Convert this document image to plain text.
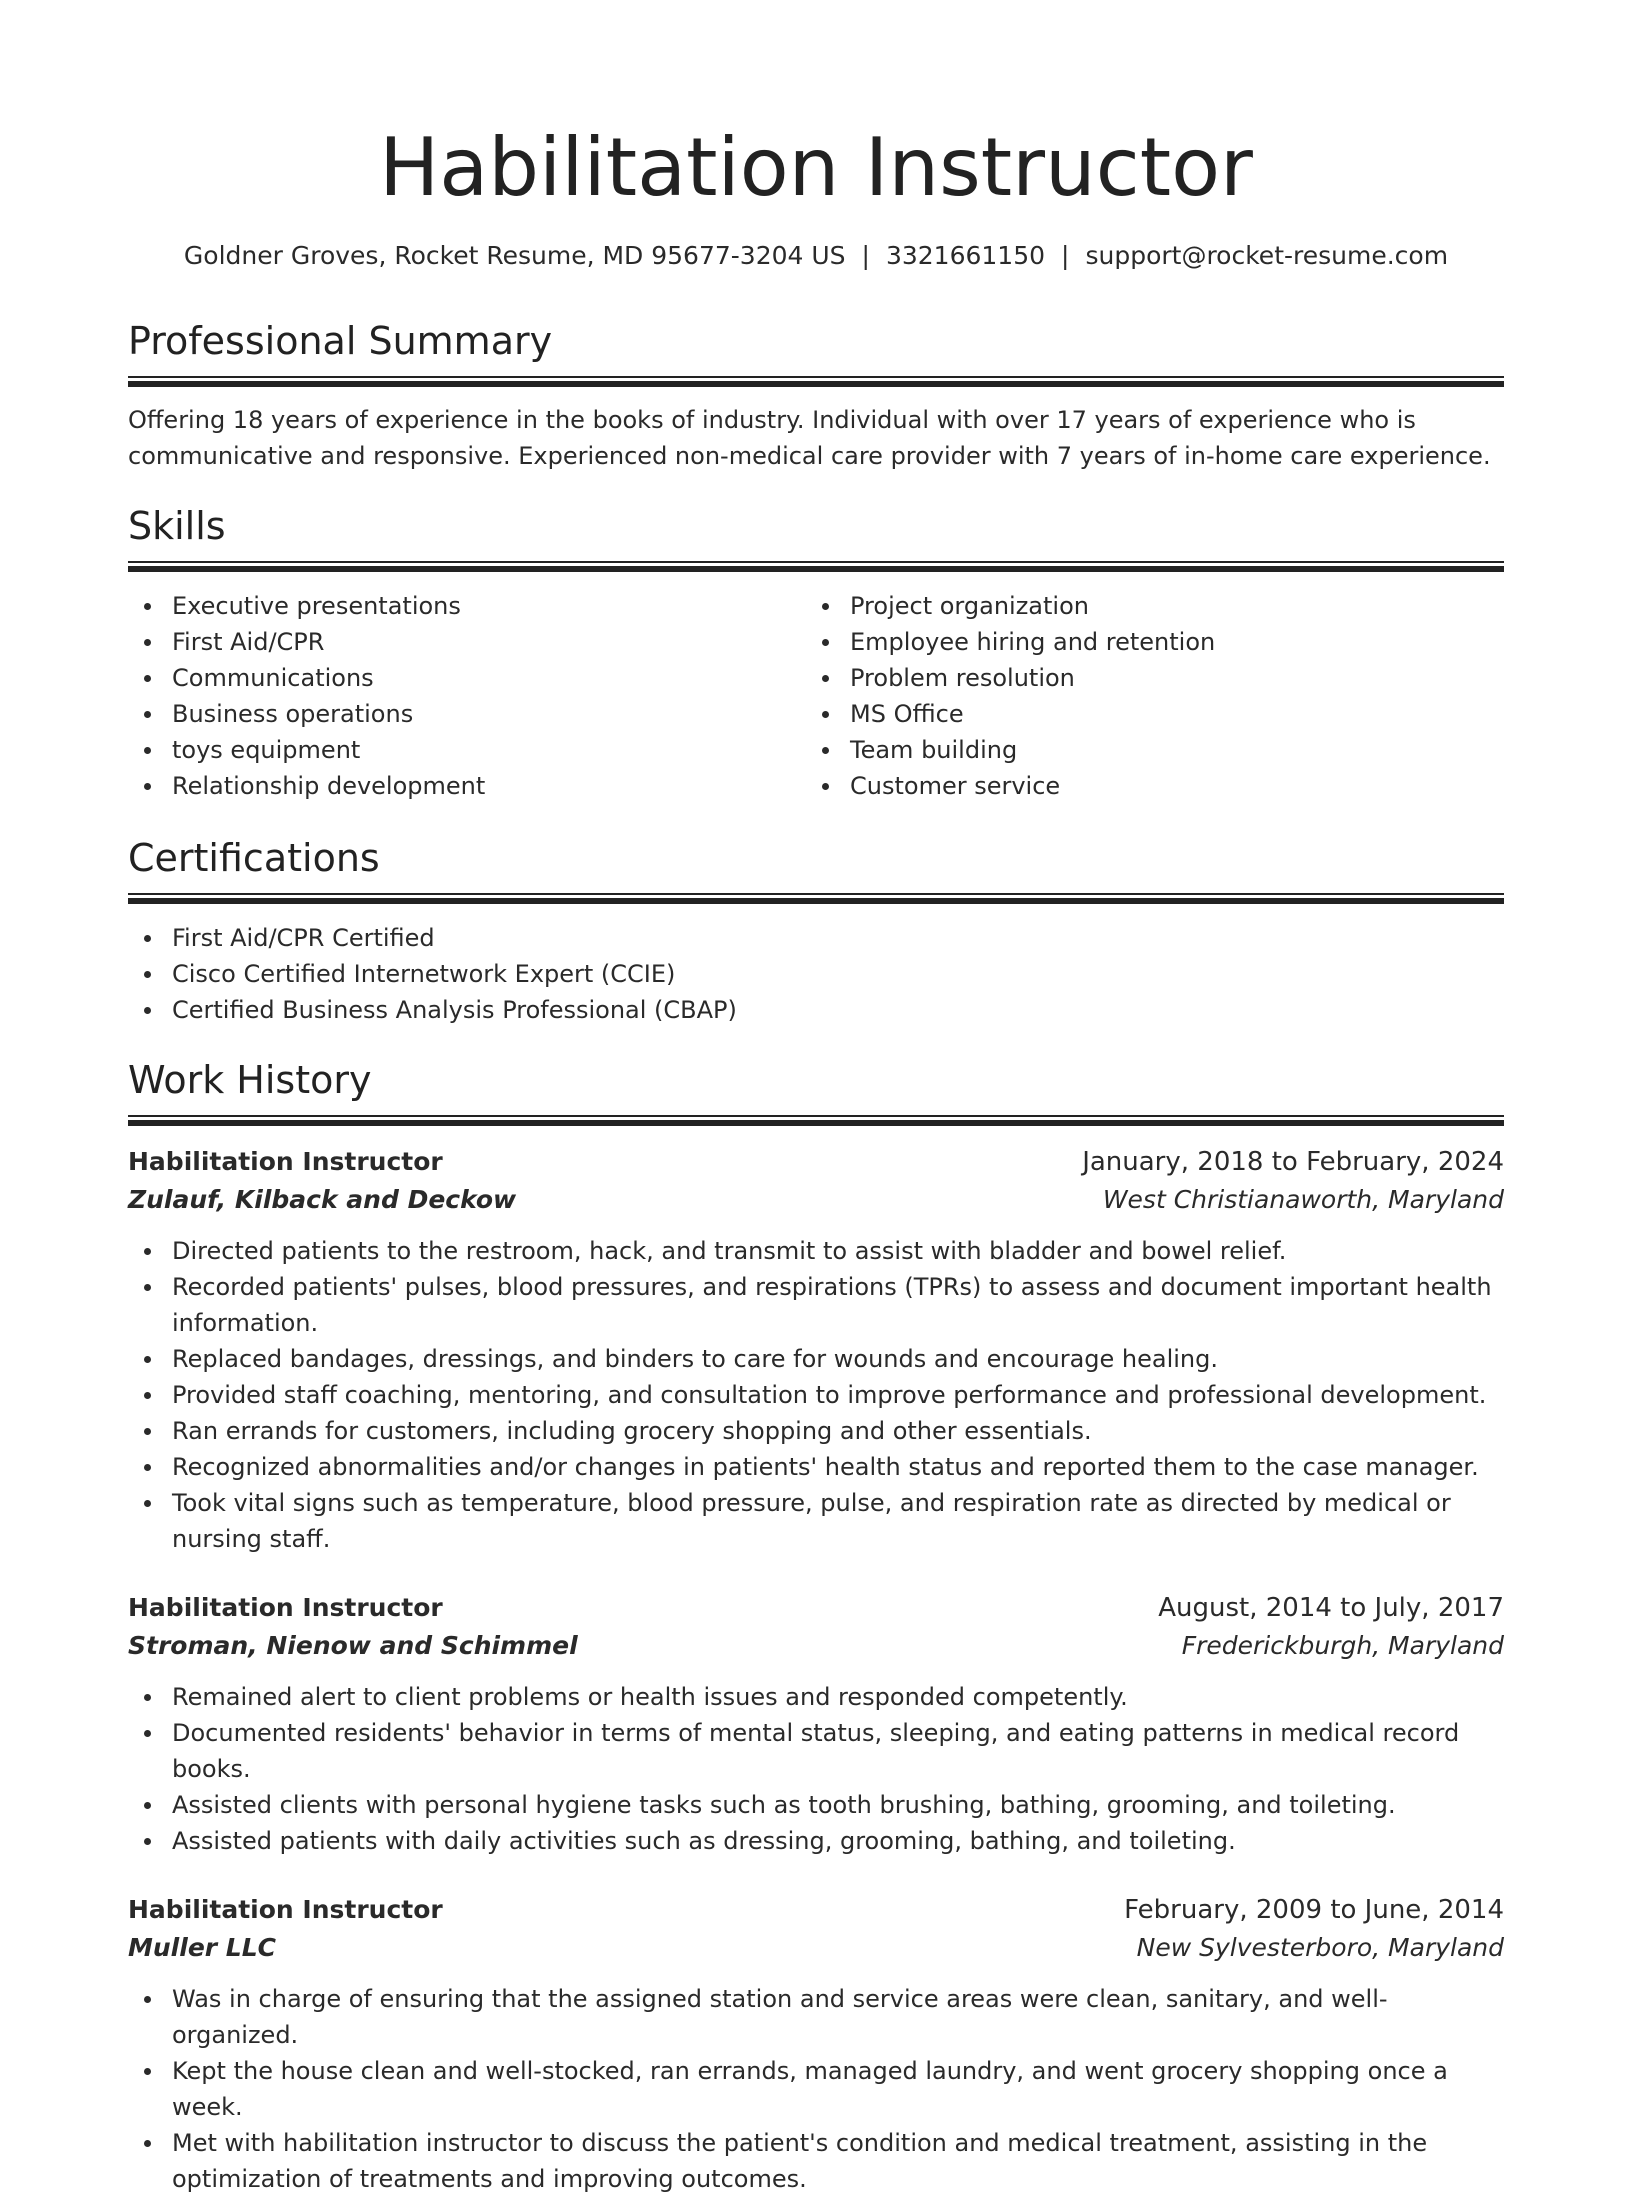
Habilitation Instructor
Goldner Groves, Rocket Resume, MD 95677-3204 US | 3321661150 | support@rocket-resume.com
Professional Summary

Offering 18 years of experience in the books of industry. Individual with over 17 years of experience who is communicative and responsive. Experienced non-medical care provider with 7 years of in-home care experience.

Skills
Executive presentations
First Aid/CPR
Communications
Business operations
toys equipment
Relationship development
Project organization
Employee hiring and retention
Problem resolution
MS Office
Team building
Customer service
Certifications
First Aid/CPR Certified
Cisco Certified Internetwork Expert (CCIE)
Certified Business Analysis Professional (CBAP)
Work History
Habilitation Instructor	January, 2018 to February, 2024
Zulauf, Kilback and Deckow	West Christianaworth, Maryland
Directed patients to the restroom, hack, and transmit to assist with bladder and bowel relief.
Recorded patients' pulses, blood pressures, and respirations (TPRs) to assess and document important health information.
Replaced bandages, dressings, and binders to care for wounds and encourage healing.
Provided staff coaching, mentoring, and consultation to improve performance and professional development.
Ran errands for customers, including grocery shopping and other essentials.
Recognized abnormalities and/or changes in patients' health status and reported them to the case manager.
Took vital signs such as temperature, blood pressure, pulse, and respiration rate as directed by medical or nursing staff.
Habilitation Instructor	August, 2014 to July, 2017
Stroman, Nienow and Schimmel	Frederickburgh, Maryland
Remained alert to client problems or health issues and responded competently.
Documented residents' behavior in terms of mental status, sleeping, and eating patterns in medical record books.
Assisted clients with personal hygiene tasks such as tooth brushing, bathing, grooming, and toileting.
Assisted patients with daily activities such as dressing, grooming, bathing, and toileting.
Habilitation Instructor	February, 2009 to June, 2014
Muller LLC	New Sylvesterboro, Maryland
Was in charge of ensuring that the assigned station and service areas were clean, sanitary, and well-organized.
Kept the house clean and well-stocked, ran errands, managed laundry, and went grocery shopping once a week.
Met with habilitation instructor to discuss the patient's condition and medical treatment, assisting in the optimization of treatments and improving outcomes.
